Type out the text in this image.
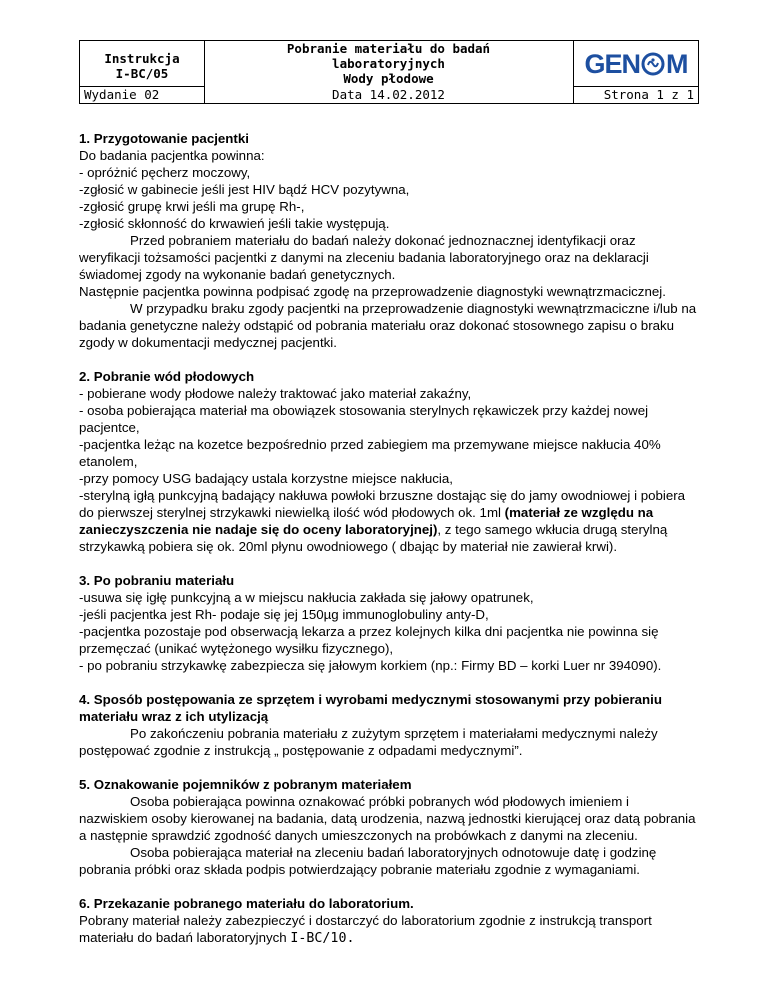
Instrukcja
I-BC/05
Wydanie 02
Pobranie materiału do badań
laboratoryjnych
Wody płodowe
Data 14.02.2012
GEN M
Strona 1 z 1

1. Przygotowanie pacjentki

Do badania pacjentka powinna:

- opróżnić pęcherz moczowy,

-zgłosić w gabinecie jeśli jest HIV bądź HCV pozytywna,

-zgłosić grupę krwi jeśli ma grupę Rh-,

-zgłosić skłonność do krwawień jeśli takie występują.

Przed pobraniem materiału do badań należy dokonać jednoznacznej identyfikacji oraz weryfikacji tożsamości pacjentki z danymi na zleceniu badania laboratoryjnego oraz na deklaracji świadomej zgody na wykonanie badań genetycznych.

Następnie pacjentka powinna podpisać zgodę na przeprowadzenie diagnostyki wewnątrzmacicznej.

W przypadku braku zgody pacjentki na przeprowadzenie diagnostyki wewnątrzmaciczne i/lub na badania genetyczne należy odstąpić od pobrania materiału oraz dokonać stosownego zapisu o braku zgody w dokumentacji medycznej pacjentki.

2. Pobranie wód płodowych

- pobierane wody płodowe należy traktować jako materiał zakaźny,

- osoba pobierająca materiał ma obowiązek stosowania sterylnych rękawiczek przy każdej nowej pacjentce,

-pacjentka leżąc na kozetce bezpośrednio przed zabiegiem ma przemywane miejsce nakłucia 40% etanolem,

-przy pomocy USG badający ustala korzystne miejsce nakłucia,

-sterylną igłą punkcyjną badający nakłuwa powłoki brzuszne dostając się do jamy owodniowej i pobiera do pierwszej sterylnej strzykawki niewielką ilość wód płodowych ok. 1ml (materiał ze względu na zanieczyszczenia nie nadaje się do oceny laboratoryjnej), z tego samego wkłucia drugą sterylną strzykawką pobiera się ok. 20ml płynu owodniowego ( dbając by materiał nie zawierał krwi).

3. Po pobraniu materiału

-usuwa się igłę punkcyjną a w miejscu nakłucia zakłada się jałowy opatrunek,

-jeśli pacjentka jest Rh- podaje się jej 150µg immunoglobuliny anty-D,

-pacjentka pozostaje pod obserwacją lekarza a przez kolejnych kilka dni pacjentka nie powinna się przemęczać (unikać wytężonego wysiłku fizycznego),

- po pobraniu strzykawkę zabezpiecza się jałowym korkiem (np.: Firmy BD – korki Luer nr 394090).

4. Sposób postępowania ze sprzętem i wyrobami medycznymi stosowanymi przy pobieraniu materiału wraz z ich utylizacją

Po zakończeniu pobrania materiału z zużytym sprzętem i materiałami medycznymi należy postępować zgodnie z instrukcją „ postępowanie z odpadami medycznymi”.

5. Oznakowanie pojemników z pobranym materiałem

Osoba pobierająca powinna oznakować próbki pobranych wód płodowych imieniem i nazwiskiem osoby kierowanej na badania, datą urodzenia, nazwą jednostki kierującej oraz datą pobrania a następnie sprawdzić zgodność danych umieszczonych na probówkach z danymi na zleceniu.

Osoba pobierająca materiał na zleceniu badań laboratoryjnych odnotowuje datę i godzinę pobrania próbki oraz składa podpis potwierdzający pobranie materiału zgodnie z wymaganiami.

6. Przekazanie pobranego materiału do laboratorium.

Pobrany materiał należy zabezpieczyć i dostarczyć do laboratorium zgodnie z instrukcją transport materiału do badań laboratoryjnych I-BC/10.
